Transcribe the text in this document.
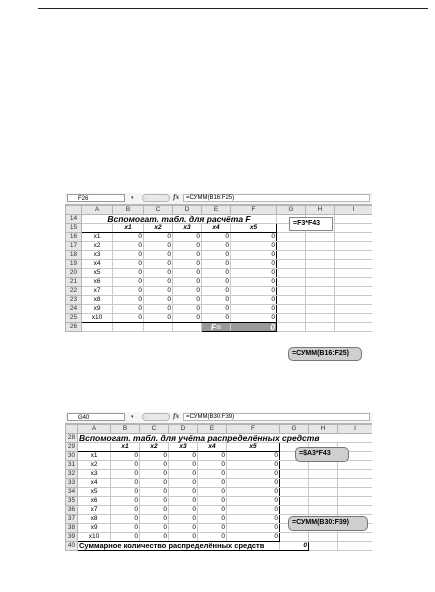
F26	▾	◦	fx	=СУММ(B16:F25)
	A	B	C	D	E	F	G	H	I
14	Вспомогат. табл. для расчёта F								
15		x1	x2	x3	x4	x5			
16	x1	0	0	0	0	0			
17	x2	0	0	0	0	0			
18	x3	0	0	0	0	0			
19	x4	0	0	0	0	0			
20	x5	0	0	0	0	0			
21	x6	0	0	0	0	0			
22	x7	0	0	0	0	0			
23	x8	0	0	0	0	0			
24	x9	0	0	0	0	0			
25	x10	0	0	0	0	0			
26					F=	0			
=F3*F43
=СУММ(B16:F25)
G40	▾	◦	fx	=СУММ(B30:F39)
	A	B	C	D	E	F	G	H	I
28	Вспомогат. табл. для учёта распределённых средств								
29		x1	x2	x3	x4	x5			
30	x1	0	0	0	0	0			
31	x2	0	0	0	0	0			
32	x3	0	0	0	0	0			
33	x4	0	0	0	0	0			
34	x5	0	0	0	0	0			
35	x6	0	0	0	0	0			
36	x7	0	0	0	0	0			
37	x8	0	0	0	0	0			
38	x9	0	0	0	0	0			
39	x10	0	0	0	0	0			
40	Суммарное количество распределённых средств						0		
=$A3*F43
=СУММ(B30:F39)
